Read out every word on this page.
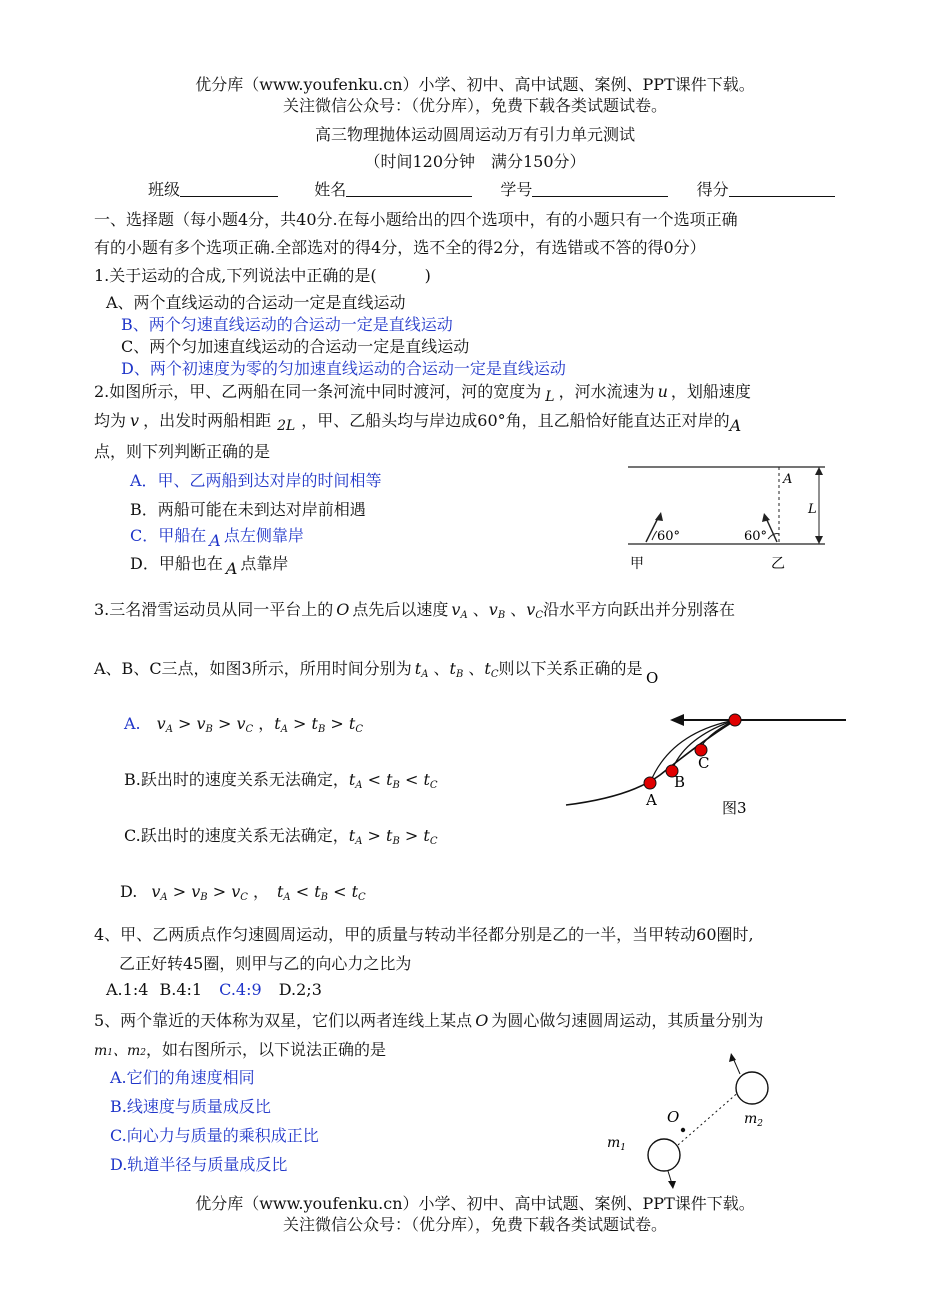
优分库（www.youfenku.cn）小学、初中、高中试题、案例、PPT课件下载。
关注微信公众号：（优分库），免费下载各类试题试卷。
高三物理抛体运动圆周运动万有引力单元测试
（时间120分钟　满分150分）
班级	姓名	学号	得分
一、选择题（每小题4分，共40分.在每小题给出的四个选项中，有的小题只有一个选项正确
有的小题有多个选项正确.全部选对的得4分，选不全的得2分，有选错或不答的得0分）
1.关于运动的合成,下列说法中正确的是(　　　)
A、两个直线运动的合运动一定是直线运动
B、两个匀速直线运动的合运动一定是直线运动
C、两个匀加速直线运动的合运动一定是直线运动
D、两个初速度为零的匀加速直线运动的合运动一定是直线运动
2.如图所示，甲、乙两船在同一条河流中同时渡河，河的宽度为 L ，河水流速为 u ，划船速度
均为 v ，出发时两船相距 2L ，甲、乙船头均与岸边成60°角，且乙船恰好能直达正对岸的A
点，则下列判断正确的是
A．甲、乙两船到达对岸的时间相等
B．两船可能在未到达对岸前相遇
C．甲船在 A 点左侧靠岸
D．甲船也在 A 点靠岸
A
L
60°	60°
甲	乙
3.三名滑雪运动员从同一平台上的 O 点先后以速度 $v_A$ 、$v_B$ 、$v_C$沿水平方向跃出并分别落在
A、B、C三点，如图3所示，所用时间分别为 $t_A$ 、$t_B$ 、$t_C$则以下关系正确的是
A. $v_A > v_B > v_C$ ，$t_A > t_B > t_C$
B.跃出时的速度关系无法确定，$t_A < t_B < t_C$
C.跃出时的速度关系无法确定，$t_A > t_B > t_C$
D. $v_A > v_B > v_C$ ，　$t_A < t_B < t_C$
O
A
B
C
图3
4、甲、乙两质点作匀速圆周运动，甲的质量与转动半径都分别是乙的一半，当甲转动60圈时,
乙正好转45圈，则甲与乙的向心力之比为
A.1:4 B.4:1 C.4:9 D.2;3
5、两个靠近的天体称为双星，它们以两者连线上某点 O 为圆心做匀速圆周运动，其质量分别为
m1、m2，如右图所示，以下说法正确的是
A.它们的角速度相同
B.线速度与质量成反比
C.向心力与质量的乘积成正比
D.轨道半径与质量成反比
O	$m_2$
$m_1$
优分库（www.youfenku.cn）小学、初中、高中试题、案例、PPT课件下载。
关注微信公众号：（优分库），免费下载各类试题试卷。
